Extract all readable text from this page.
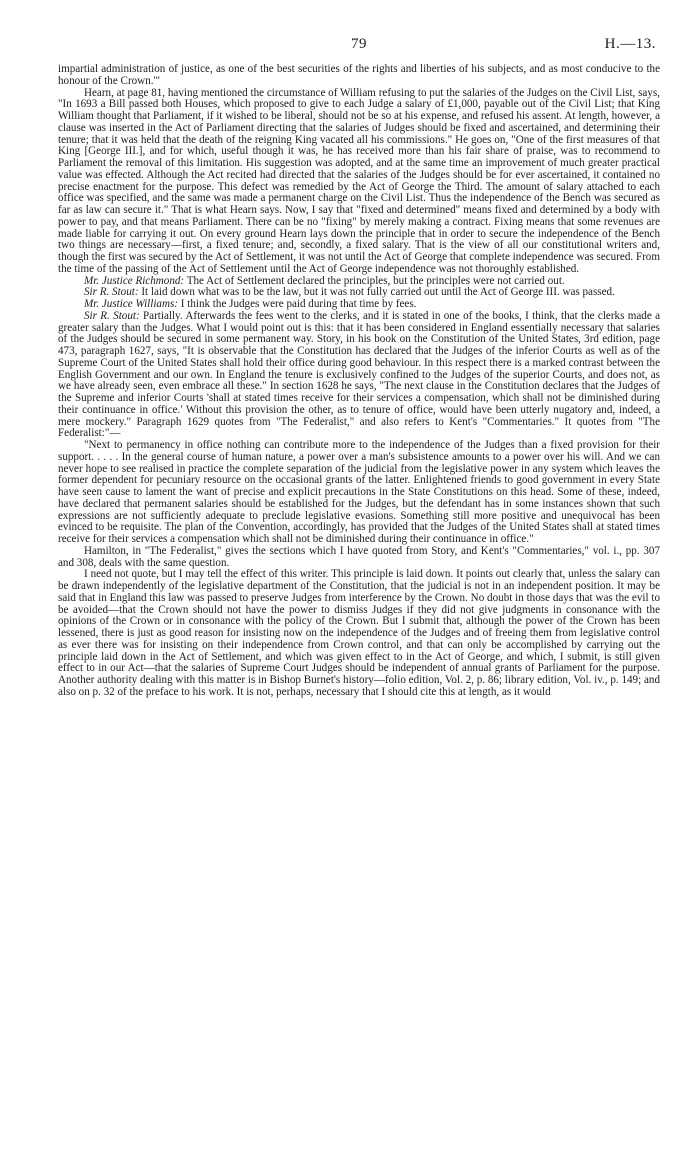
79	H.—13.

impartial administration of justice, as one of the best securities of the rights and liberties of his subjects, and as most conducive to the honour of the Crown.'"

Hearn, at page 81, having mentioned the circumstance of William refusing to put the salaries of the Judges on the Civil List, says, "In 1693 a Bill passed both Houses, which proposed to give to each Judge a salary of £1,000, payable out of the Civil List; that King William thought that Parliament, if it wished to be liberal, should not be so at his expense, and refused his assent. At length, however, a clause was inserted in the Act of Parliament directing that the salaries of Judges should be fixed and ascertained, and determining their tenure; that it was held that the death of the reigning King vacated all his commissions." He goes on, "One of the first measures of that King [George III.], and for which, useful though it was, he has received more than his fair share of praise, was to recommend to Parliament the removal of this limitation. His suggestion was adopted, and at the same time an improvement of much greater practical value was effected. Although the Act recited had directed that the salaries of the Judges should be for ever ascertained, it contained no precise enactment for the purpose. This defect was remedied by the Act of George the Third. The amount of salary attached to each office was specified, and the same was made a permanent charge on the Civil List. Thus the independence of the Bench was secured as far as law can secure it." That is what Hearn says. Now, I say that "fixed and determined" means fixed and determined by a body with power to pay, and that means Parliament. There can be no "fixing" by merely making a contract. Fixing means that some revenues are made liable for carrying it out. On every ground Hearn lays down the principle that in order to secure the independence of the Bench two things are necessary—first, a fixed tenure; and, secondly, a fixed salary. That is the view of all our constitutional writers and, though the first was secured by the Act of Settlement, it was not until the Act of George that complete independence was secured. From the time of the passing of the Act of Settlement until the Act of George independence was not thoroughly established.

Mr. Justice Richmond: The Act of Settlement declared the principles, but the principles were not carried out.

Sir R. Stout: It laid down what was to be the law, but it was not fully carried out until the Act of George III. was passed.

Mr. Justice Williams: I think the Judges were paid during that time by fees.

Sir R. Stout: Partially. Afterwards the fees went to the clerks, and it is stated in one of the books, I think, that the clerks made a greater salary than the Judges. What I would point out is this: that it has been considered in England essentially necessary that salaries of the Judges should be secured in some permanent way. Story, in his book on the Constitution of the United States, 3rd edition, page 473, paragraph 1627, says, "It is observable that the Constitution has declared that the Judges of the inferior Courts as well as of the Supreme Court of the United States shall hold their office during good behaviour. In this respect there is a marked contrast between the English Government and our own. In England the tenure is exclusively confined to the Judges of the superior Courts, and does not, as we have already seen, even embrace all these." In section 1628 he says, "The next clause in the Constitution declares that the Judges of the Supreme and inferior Courts 'shall at stated times receive for their services a compensation, which shall not be diminished during their continuance in office.' Without this provision the other, as to tenure of office, would have been utterly nugatory and, indeed, a mere mockery." Paragraph 1629 quotes from "The Federalist," and also refers to Kent's "Commentaries." It quotes from "The Federalist:"—

"Next to permanency in office nothing can contribute more to the independence of the Judges than a fixed provision for their support. . . . . In the general course of human nature, a power over a man's subsistence amounts to a power over his will. And we can never hope to see realised in practice the complete separation of the judicial from the legislative power in any system which leaves the former dependent for pecuniary resource on the occasional grants of the latter. Enlightened friends to good government in every State have seen cause to lament the want of precise and explicit precautions in the State Constitutions on this head. Some of these, indeed, have declared that permanent salaries should be established for the Judges, but the defendant has in some instances shown that such expressions are not sufficiently adequate to preclude legislative evasions. Something still more positive and unequivocal has been evinced to be requisite. The plan of the Convention, accordingly, has provided that the Judges of the United States shall at stated times receive for their services a compensation which shall not be diminished during their continuance in office."

Hamilton, in "The Federalist," gives the sections which I have quoted from Story, and Kent's "Commentaries," vol. i., pp. 307 and 308, deals with the same question.

I need not quote, but I may tell the effect of this writer. This principle is laid down. It points out clearly that, unless the salary can be drawn independently of the legislative department of the Constitution, that the judicial is not in an independent position. It may be said that in England this law was passed to preserve Judges from interference by the Crown. No doubt in those days that was the evil to be avoided—that the Crown should not have the power to dismiss Judges if they did not give judgments in consonance with the opinions of the Crown or in consonance with the policy of the Crown. But I submit that, although the power of the Crown has been lessened, there is just as good reason for insisting now on the independence of the Judges and of freeing them from legislative control as ever there was for insisting on their independence from Crown control, and that can only be accomplished by carrying out the principle laid down in the Act of Settlement, and which was given effect to in the Act of George, and which, I submit, is still given effect to in our Act—that the salaries of Supreme Court Judges should be independent of annual grants of Parliament for the purpose. Another authority dealing with this matter is in Bishop Burnet's history—folio edition, Vol. 2, p. 86; library edition, Vol. iv., p. 149; and also on p. 32 of the preface to his work. It is not, perhaps, necessary that I should cite this at length, as it would
